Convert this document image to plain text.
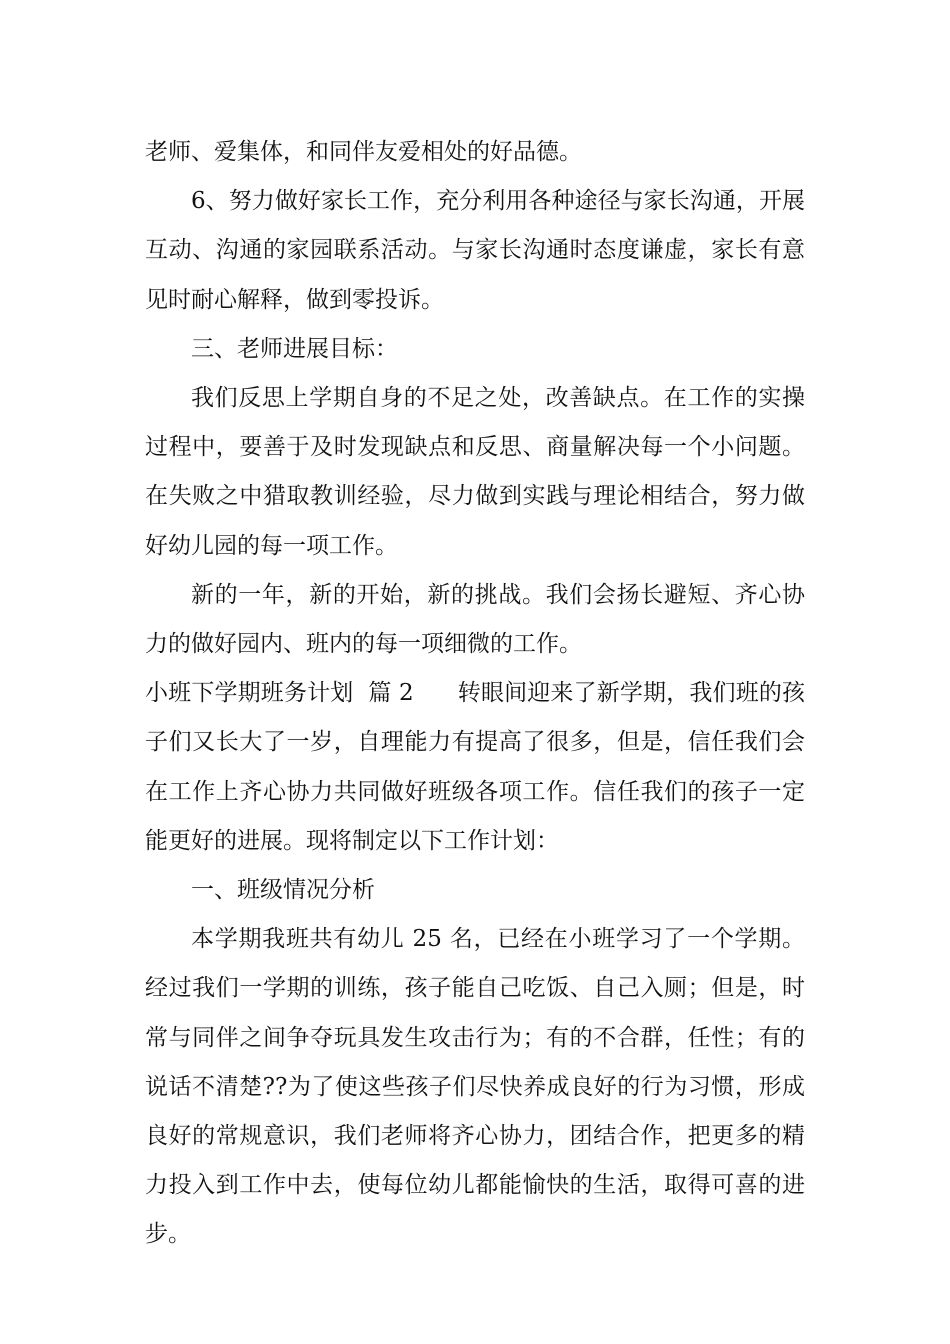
老师、爱集体，和同伴友爱相处的好品德。

6、努力做好家长工作，充分利用各种途径与家长沟通，开展互动、沟通的家园联系活动。与家长沟通时态度谦虚，家长有意见时耐心解释，做到零投诉。

三、老师进展目标：

我们反思上学期自身的不足之处，改善缺点。在工作的实操过程中，要善于及时发现缺点和反思、商量解决每一个小问题。在失败之中猎取教训经验，尽力做到实践与理论相结合，努力做好幼儿园的每一项工作。

新的一年，新的开始，新的挑战。我们会扬长避短、齐心协力的做好园内、班内的每一项细微的工作。

小班下学期班务计划 篇 2 转眼间迎来了新学期，我们班的孩子们又长大了一岁，自理能力有提高了很多，但是，信任我们会在工作上齐心协力共同做好班级各项工作。信任我们的孩子一定能更好的进展。现将制定以下工作计划：

一、班级情况分析

本学期我班共有幼儿 25 名，已经在小班学习了一个学期。经过我们一学期的训练，孩子能自己吃饭、自己入厕；但是，时常与同伴之间争夺玩具发生攻击行为；有的不合群，任性；有的说话不清楚??为了使这些孩子们尽快养成良好的行为习惯，形成良好的常规意识，我们老师将齐心协力，团结合作，把更多的精力投入到工作中去，使每位幼儿都能愉快的生活，取得可喜的进步。
